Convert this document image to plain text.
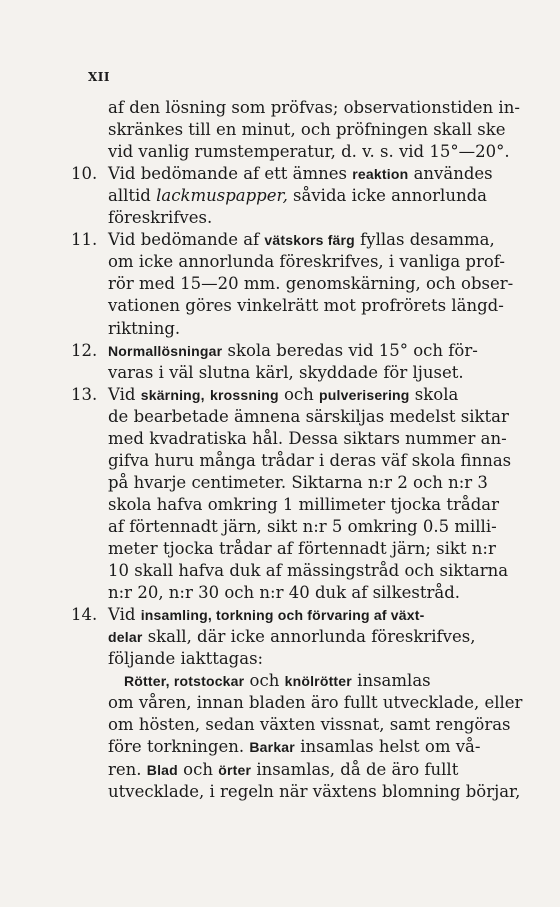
XII
af den lösning som pröfvas; observationstiden in-
skränkes till en minut, och pröfningen skall ske
vid vanlig rumstemperatur, d. v. s. vid 15°—20°.
10. Vid bedömande af ett ämnes reaktion användes
alltid lackmuspapper, såvida icke annorlunda
föreskrifves.
11. Vid bedömande af vätskors färg fyllas desamma,
om icke annorlunda föreskrifves, i vanliga prof-
rör med 15—20 mm. genomskärning, och obser-
vationen göres vinkelrätt mot profrörets längd-
riktning.
12. Normallösningar skola beredas vid 15° och för-
varas i väl slutna kärl, skyddade för ljuset.
13. Vid skärning, krossning och pulverisering skola
de bearbetade ämnena särskiljas medelst siktar
med kvadratiska hål. Dessa siktars nummer an-
gifva huru många trådar i deras väf skola finnas
på hvarje centimeter. Siktarna n:r 2 och n:r 3
skola hafva omkring 1 millimeter tjocka trådar
af förtennadt järn, sikt n:r 5 omkring 0.5 milli-
meter tjocka trådar af förtennadt järn; sikt n:r
10 skall hafva duk af mässingstråd och siktarna
n:r 20, n:r 30 och n:r 40 duk af silkestråd.
14. Vid insamling, torkning och förvaring af växt-
delar skall, där icke annorlunda föreskrifves,
följande iakttagas:
Rötter, rotstockar och knölrötter insamlas
om våren, innan bladen äro fullt utvecklade, eller
om hösten, sedan växten vissnat, samt rengöras
före torkningen. Barkar insamlas helst om vå-
ren. Blad och örter insamlas, då de äro fullt
utvecklade, i regeln när växtens blomning börjar,
